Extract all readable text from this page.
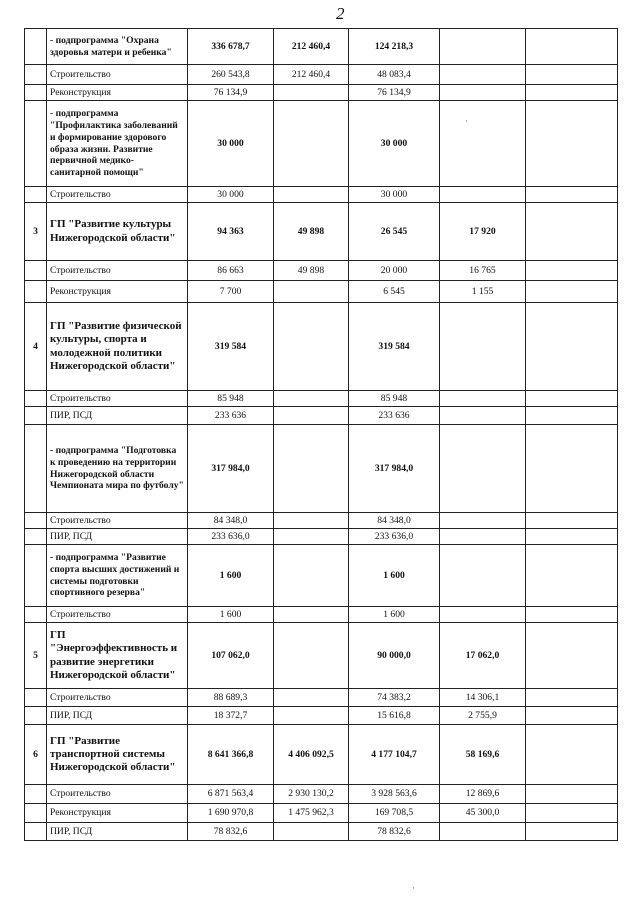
2
	- подпрограмма "Охрана здоровья матери и ребенка"	336 678,7	212 460,4	124 218,3		
	Строительство	260 543,8	212 460,4	48 083,4		
	Реконструкция	76 134,9		76 134,9		
	- подпрограмма "Профилактика заболеваний и формирование здорового образа жизни. Развитие первичной медико-санитарной помощи"	30 000		30 000		
	Строительство	30 000		30 000		
3	ГП "Развитие культуры Нижегородской области"	94 363	49 898	26 545	17 920	
	Строительство	86 663	49 898	20 000	16 765	
	Реконструкция	7 700		6 545	1 155	
4	ГП "Развитие физической культуры, спорта и молодежной политики Нижегородской области"	319 584		319 584		
	Строительство	85 948		85 948		
	ПИР, ПСД	233 636		233 636		
	- подпрограмма "Подготовка к проведению на территории Нижегородской области Чемпионата мира по футболу"	317 984,0		317 984,0		
	Строительство	84 348,0		84 348,0		
	ПИР, ПСД	233 636,0		233 636,0		
	- подпрограмма "Развитие спорта высших достижений и системы подготовки спортивного резерва"	1 600		1 600		
	Строительство	1 600		1 600		
5	ГП "Энергоэффективность и развитие энергетики Нижегородской области"	107 062,0		90 000,0	17 062,0	
	Строительство	88 689,3		74 383,2	14 306,1	
	ПИР, ПСД	18 372,7		15 616,8	2 755,9	
6	ГП "Развитие транспортной системы Нижегородской области"	8 641 366,8	4 406 092,5	4 177 104,7	58 169,6	
	Строительство	6 871 563,4	2 930 130,2	3 928 563,6	12 869,6	
	Реконструкция	1 690 970,8	1 475 962,3	169 708,5	45 300,0	
	ПИР, ПСД	78 832,6		78 832,6		
·
·
